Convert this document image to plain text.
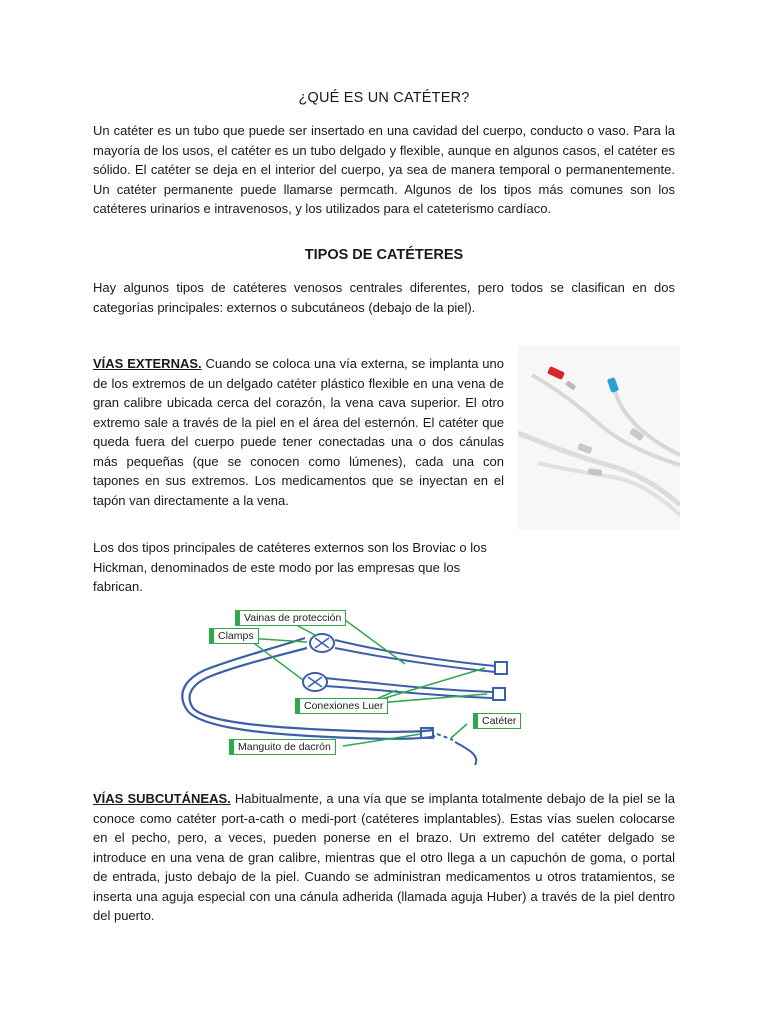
¿QUÉ ES UN CATÉTER?

Un catéter es un tubo que puede ser insertado en una cavidad del cuerpo, conducto o vaso. Para la mayoría de los usos, el catéter es un tubo delgado y flexible, aunque en algunos casos, el catéter es sólido. El catéter se deja en el interior del cuerpo, ya sea de manera temporal o permanentemente. Un catéter permanente puede llamarse permcath. Algunos de los tipos más comunes son los catéteres urinarios e intravenosos, y los utilizados para el cateterismo cardíaco.

TIPOS DE CATÉTERES

Hay algunos tipos de catéteres venosos centrales diferentes, pero todos se clasifican en dos categorías principales: externos o subcutáneos (debajo de la piel).

VÍAS EXTERNAS. Cuando se coloca una vía externa, se implanta uno de los extremos de un delgado catéter plástico flexible en una vena de gran calibre ubicada cerca del corazón, la vena cava superior. El otro extremo sale a través de la piel en el área del esternón. El catéter que queda fuera del cuerpo puede tener conectadas una o dos cánulas más pequeñas (que se conocen como lúmenes), cada una con tapones en sus extremos. Los medicamentos que se inyectan en el tapón van directamente a la vena.

Los dos tipos principales de catéteres externos son los Broviac o los Hickman, denominados de este modo por las empresas que los fabrican.

Vainas de protección
Clamps
Conexiones Luer
Catéter
Manguito de dacrón

VÍAS SUBCUTÁNEAS. Habitualmente, a una vía que se implanta totalmente debajo de la piel se la conoce como catéter port-a-cath o medi-port (catéteres implantables). Estas vías suelen colocarse en el pecho, pero, a veces, pueden ponerse en el brazo. Un extremo del catéter delgado se introduce en una vena de gran calibre, mientras que el otro llega a un capuchón de goma, o portal de entrada, justo debajo de la piel. Cuando se administran medicamentos u otros tratamientos, se inserta una aguja especial con una cánula adherida (llamada aguja Huber) a través de la piel dentro del puerto.
